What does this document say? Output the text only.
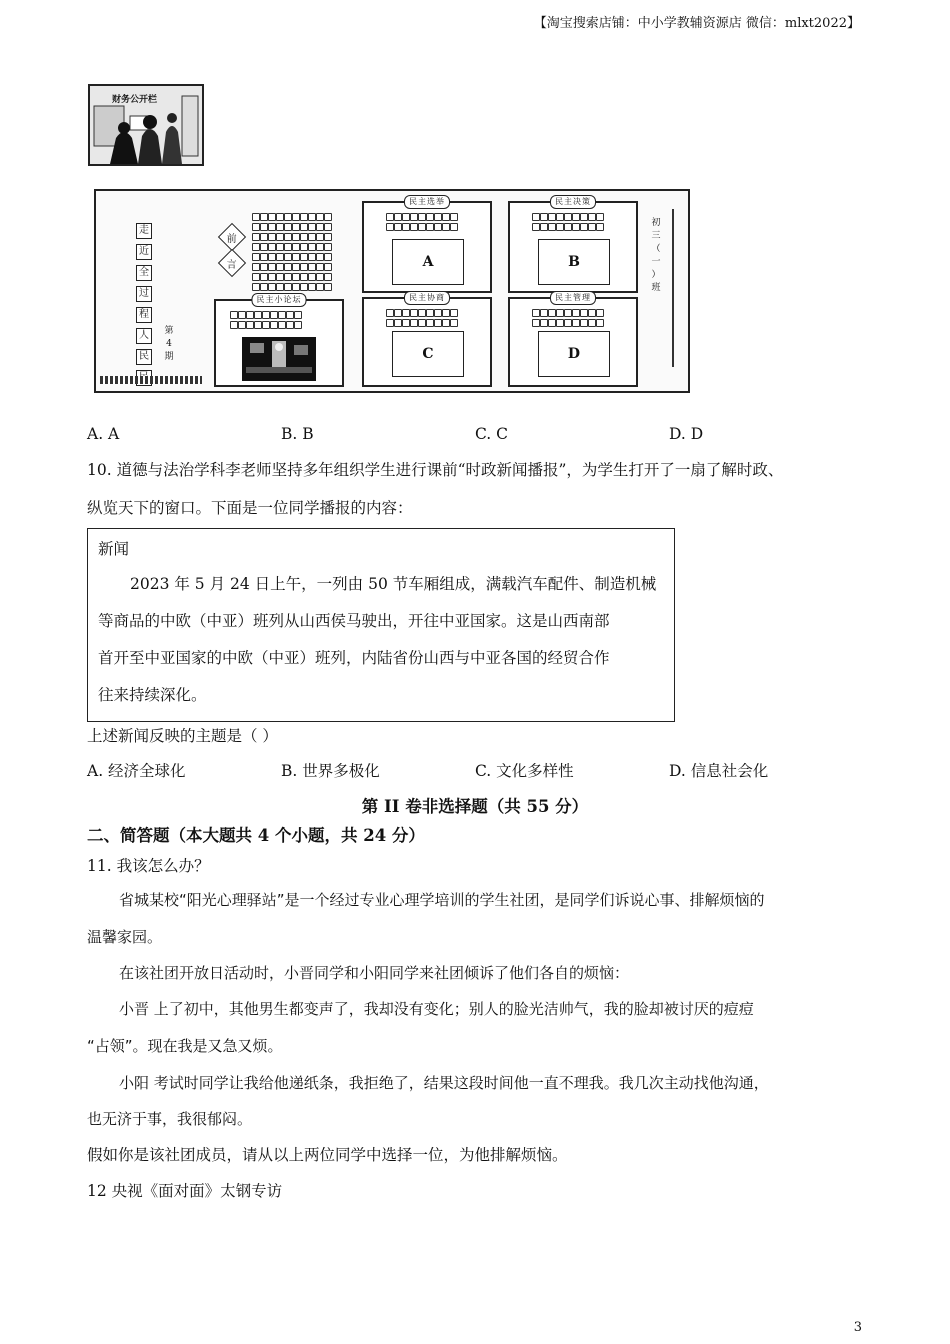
【淘宝搜索店铺：中小学教辅资源店 微信：mlxt2022】
财务公开栏
走
近
全
过
程
人
民
第
4
期
前
言
民主小论坛
民主选举
A
民主决策
B
民主协商
C
民主管理
D
初
三
（
一
）
班
A. A	B. B	C. C	D. D
10. 道德与法治学科李老师坚持多年组织学生进行课前“时政新闻播报”，为学生打开了一扇了解时政、
纵览天下的窗口。下面是一位同学播报的内容：
新闻
2023 年 5 月 24 日上午，一列由 50 节车厢组成，满载汽车配件、制造机械
等商品的中欧（中亚）班列从山西侯马驶出，开往中亚国家。这是山西南部
首开至中亚国家的中欧（中亚）班列，内陆省份山西与中亚各国的经贸合作
往来持续深化。
上述新闻反映的主题是（ ）
A. 经济全球化	B. 世界多极化	C. 文化多样性	D. 信息社会化
第 II 卷非选择题（共 55 分）
二、简答题（本大题共 4 个小题，共 24 分）
11. 我该怎么办？
省城某校“阳光心理驿站”是一个经过专业心理学培训的学生社团，是同学们诉说心事、排解烦恼的
温馨家园。
在该社团开放日活动时，小晋同学和小阳同学来社团倾诉了他们各自的烦恼：
小晋 上了初中，其他男生都变声了，我却没有变化；别人的脸光洁帅气，我的脸却被讨厌的痘痘
“占领”。现在我是又急又烦。
小阳 考试时同学让我给他递纸条，我拒绝了，结果这段时间他一直不理我。我几次主动找他沟通，
也无济于事，我很郁闷。
假如你是该社团成员，请从以上两位同学中选择一位，为他排解烦恼。
12 央视《面对面》太钢专访
3
